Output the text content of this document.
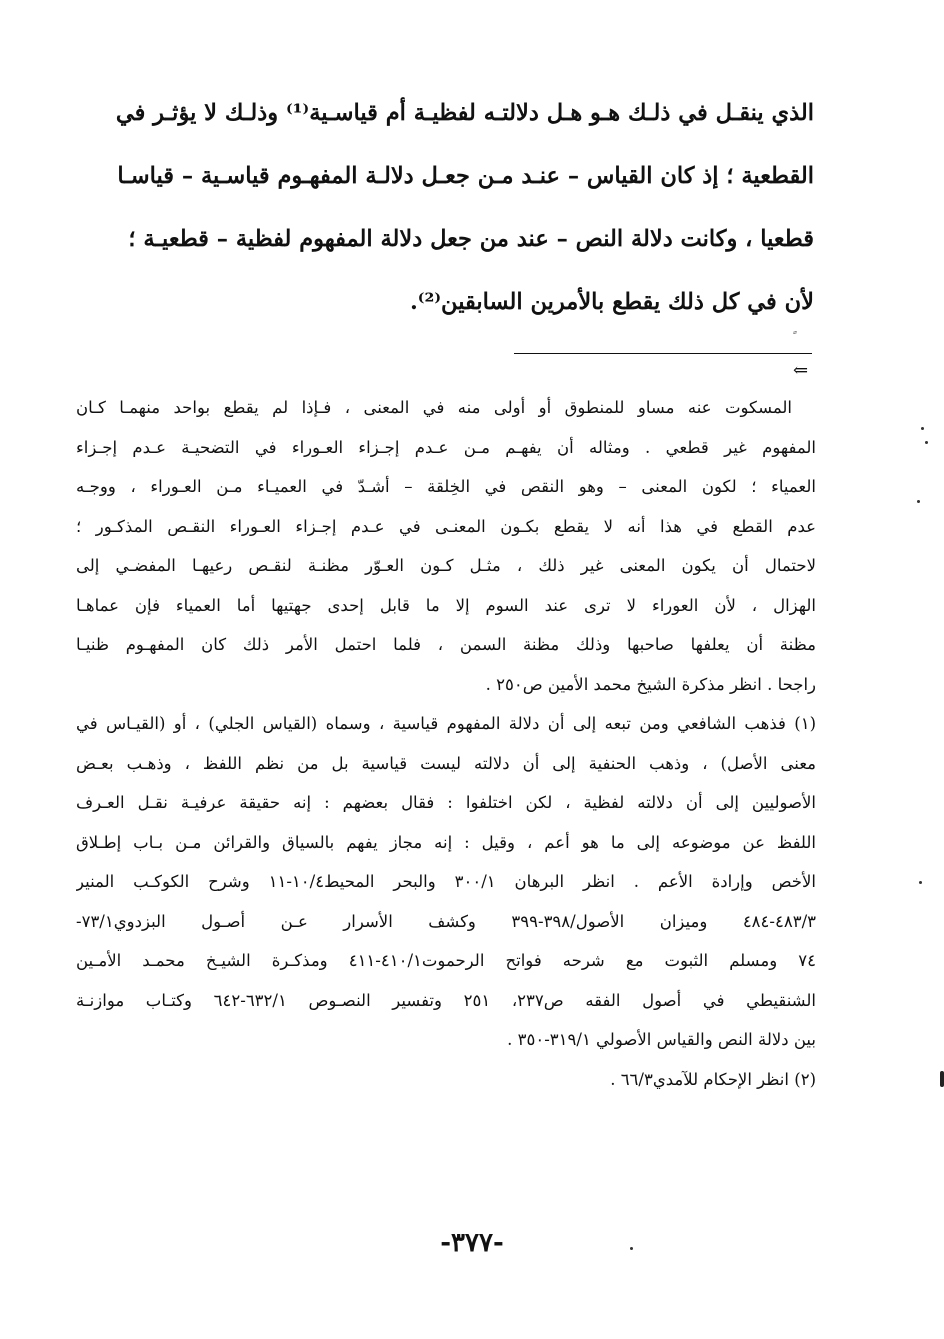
الذي ينقـل في ذلـك هـو هـل دلالتـه لفظيـة أم قياسـية⁽¹⁾ وذلـك لا يؤثـر في
القطعية ؛ إذ كان القياس – عنـد مـن جعـل دلالـة المفهـوم قياسـية – قياسـا
قطعيا ، وكانت دلالة النص – عند من جعل دلالة المفهوم لفظية – قطعيـة ؛
لأن في كل ذلك يقطع بالأمرين السابقين⁽²⁾.
⇐
المسكوت عنه مساو للمنطوق أو أولى منه في المعنى ، فـإذا لم يقطع بواحد منهمـا كـان
المفهوم غير قطعي . ومثاله أن يفهـم مـن عـدم إجـزاء العـوراء في التضحيـة عـدم إجـزاء
العمياء ؛ لكون المعنى – وهو النقص في الخِلقة – أشـدّ في العميـاء مـن العـوراء ، ووجـه
عدم القطع في هذا أنه لا يقطع بكـون المعنـى في عـدم إجـزاء العـوراء النقـص المذكـور ؛
لاحتمال أن يكون المعنى غير ذلك ، مثـل كـون العـوّر مظنـة لنقـص رعيهـا المفضـي إلى
الهزال ، لأن العوراء لا ترى عند السوم إلا ما قابل إحدى جهتيها أما العمياء فإن عماهـا
مظنة أن يعلفها صاحبها وذلك مظنة السمن ، فلما احتمل الأمر ذلك كان المفهـوم ظنيـا
راجحا . انظر مذكرة الشيخ محمد الأمين ص٢٥٠ .
(١) فذهب الشافعي ومن تبعه إلى أن دلالة المفهوم قياسية ، وسماه (القياس الجلي) ، أو (القيـاس في
معنى الأصل) ، وذهب الحنفية إلى أن دلالته ليست قياسية بل من نظم اللفظ ، وذهـب بعـض
الأصوليين إلى أن دلالته لفظية ، لكن اختلفوا : فقال بعضهم : إنه حقيقة عرفيـة نقـل العـرف
اللفظ عن موضوعه إلى ما هو أعم ، وقيل : إنه مجاز يفهم بالسياق والقرائن مـن بـاب إطـلاق
الأخص وإرادة الأعم . انظر البرهان ٣٠٠/١ والبحر المحيط١٠/٤-١١ وشرح الكوكـب المنير
٤٨٣/٣-٤٨٤ وميزان الأصول/٣٩٨-٣٩٩ وكشف الأسرار عـن أصـول البزدوي٧٣/١-
٧٤ ومسلم الثبوت مع شرحه فواتح الرحموت٤١٠/١-٤١١ ومذكـرة الشيـخ محمـد الأمـين
الشنقيطي في أصول الفقه ص٢٣٧، ٢٥١ وتفسير النصـوص ٦٣٢/١-٦٤٢ وكتـاب موازنـة
بين دلالة النص والقياس الأصولي ٣١٩/١-٣٥٠ .
(٢) انظر الإحكام للآمدي٦٦/٣ .
-٣٧٧-
